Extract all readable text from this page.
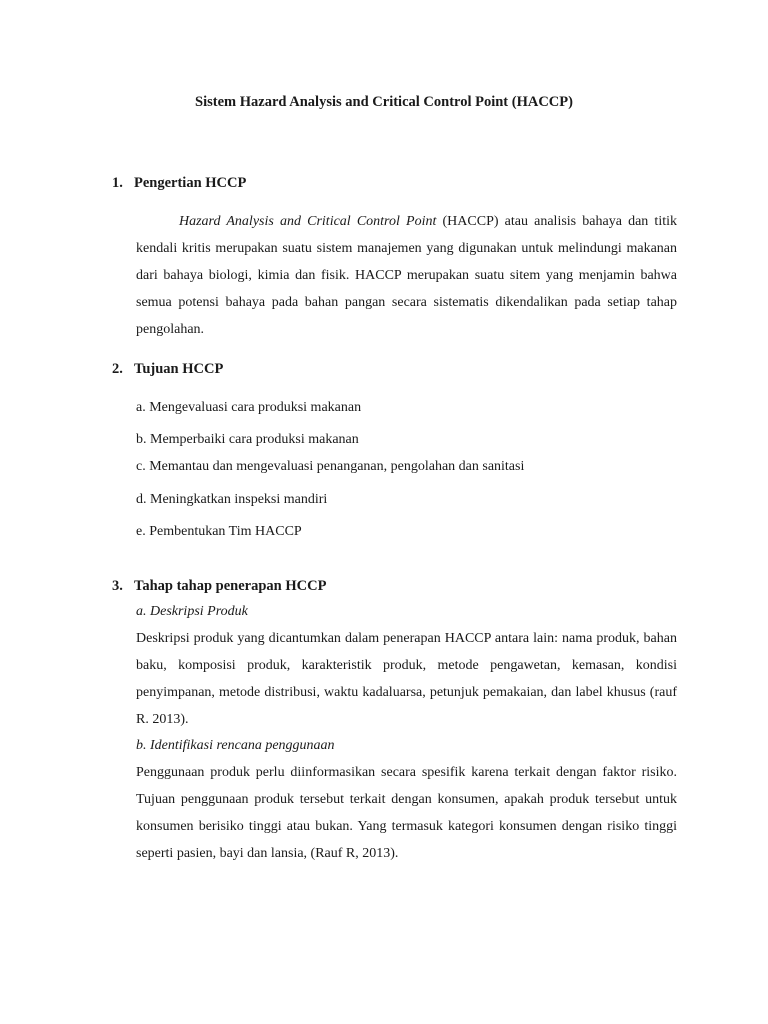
Sistem Hazard Analysis and Critical Control Point (HACCP)
1. Pengertian HCCP
Hazard Analysis and Critical Control Point (HACCP) atau analisis bahaya dan titik kendali kritis merupakan suatu sistem manajemen yang digunakan untuk melindungi makanan dari bahaya biologi, kimia dan fisik. HACCP merupakan suatu sitem yang menjamin bahwa semua potensi bahaya pada bahan pangan secara sistematis dikendalikan pada setiap tahap pengolahan.
2. Tujuan HCCP
a. Mengevaluasi cara produksi makanan
b. Memperbaiki cara produksi makanan
c. Memantau dan mengevaluasi penanganan, pengolahan dan sanitasi
d. Meningkatkan inspeksi mandiri
e. Pembentukan Tim HACCP
3. Tahap tahap penerapan HCCP
a. Deskripsi Produk
Deskripsi produk yang dicantumkan dalam penerapan HACCP antara lain: nama produk, bahan baku, komposisi produk, karakteristik produk, metode pengawetan, kemasan, kondisi penyimpanan, metode distribusi, waktu kadaluarsa, petunjuk pemakaian, dan label khusus (rauf R. 2013).
b. Identifikasi rencana penggunaan
Penggunaan produk perlu diinformasikan secara spesifik karena terkait dengan faktor risiko. Tujuan penggunaan produk tersebut terkait dengan konsumen, apakah produk tersebut untuk konsumen berisiko tinggi atau bukan. Yang termasuk kategori konsumen dengan risiko tinggi seperti pasien, bayi dan lansia, (Rauf R, 2013).
